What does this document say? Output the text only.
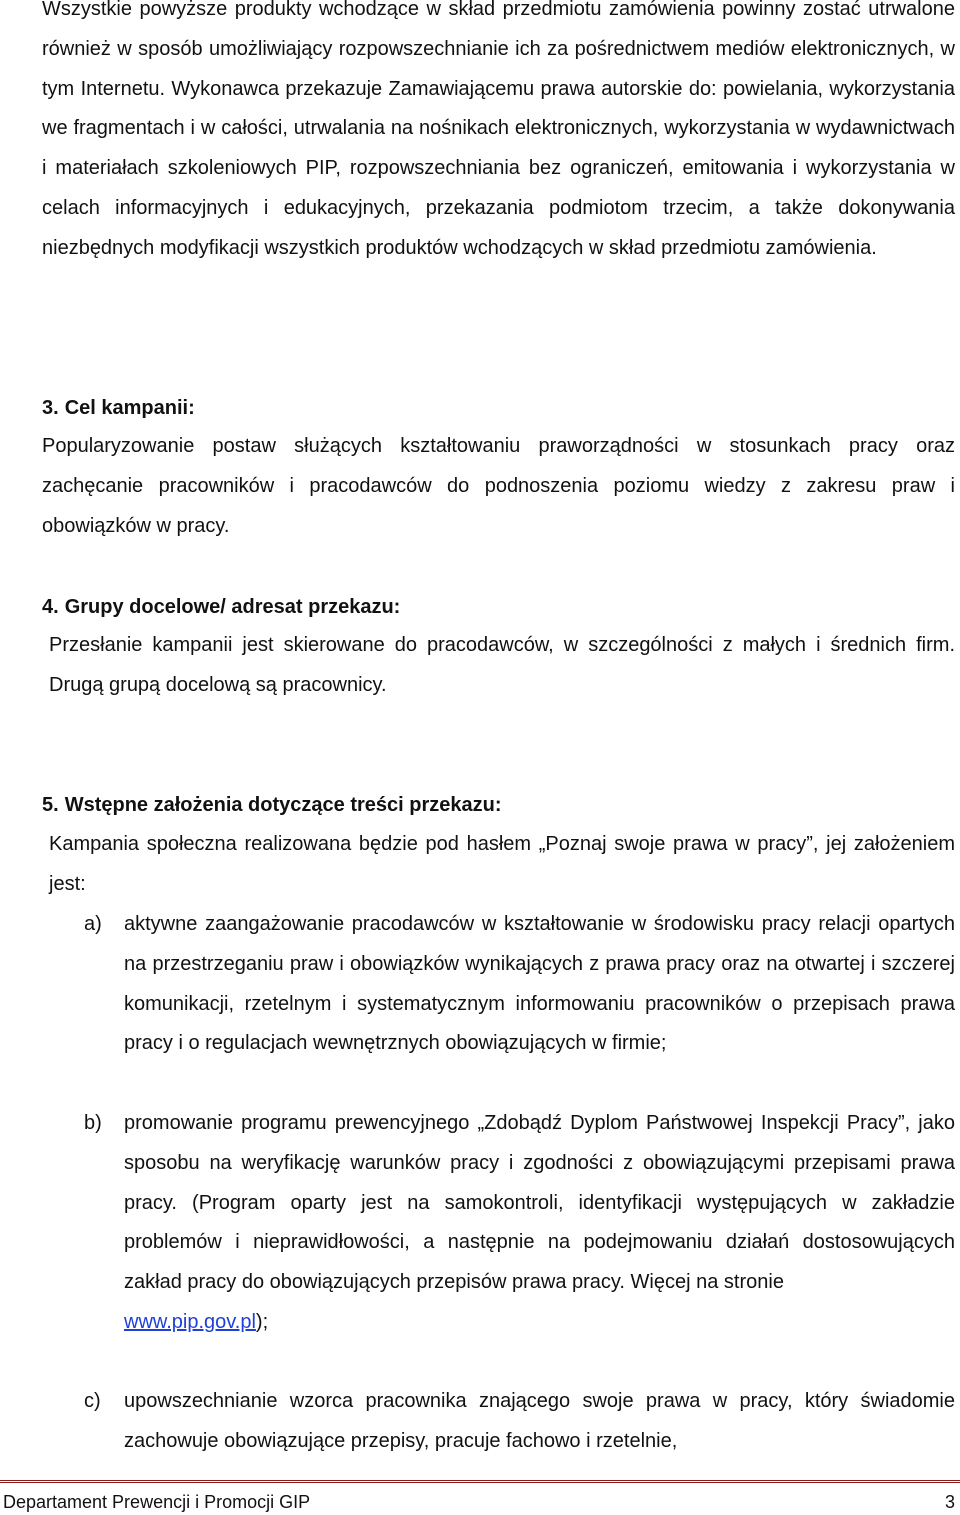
Wszystkie powyższe produkty wchodzące w skład przedmiotu zamówienia powinny zostać utrwalone również w sposób umożliwiający rozpowszechnianie ich za pośrednictwem mediów elektronicznych, w tym Internetu. Wykonawca przekazuje Zamawiającemu prawa autorskie do: powielania, wykorzystania we fragmentach i w całości, utrwalania na nośnikach elektronicznych, wykorzystania w wydawnictwach i materiałach szkoleniowych PIP, rozpowszechniania bez ograniczeń, emitowania i wykorzystania w celach informacyjnych i edukacyjnych, przekazania podmiotom trzecim, a także dokonywania niezbędnych modyfikacji wszystkich produktów wchodzących w skład przedmiotu zamówienia.

3. Cel kampanii:

Popularyzowanie postaw służących kształtowaniu praworządności w stosunkach pracy oraz zachęcanie pracowników i pracodawców do podnoszenia poziomu wiedzy z zakresu praw i obowiązków w pracy.

4. Grupy docelowe/ adresat przekazu:

Przesłanie kampanii jest skierowane do pracodawców, w szczególności z małych i średnich firm. Drugą grupą docelową są pracownicy.

5. Wstępne założenia dotyczące treści przekazu:

Kampania społeczna realizowana będzie pod hasłem „Poznaj swoje prawa w pracy”, jej założeniem jest:

a) aktywne zaangażowanie pracodawców w kształtowanie w środowisku pracy relacji opartych na przestrzeganiu praw i obowiązków wynikających z prawa pracy oraz na otwartej i szczerej komunikacji, rzetelnym i systematycznym informowaniu pracowników o przepisach prawa pracy i o regulacjach wewnętrznych obowiązujących w firmie;
b) promowanie programu prewencyjnego „Zdobądź Dyplom Państwowej Inspekcji Pracy”, jako sposobu na weryfikację warunków pracy i zgodności z obowiązującymi przepisami prawa pracy. (Program oparty jest na samokontroli, identyfikacji występujących w zakładzie problemów i nieprawidłowości, a następnie na podejmowaniu działań dostosowujących zakład pracy do obowiązujących przepisów prawa pracy. Więcej na stronie
www.pip.gov.pl);
c) upowszechnianie wzorca pracownika znającego swoje prawa w pracy, który świadomie zachowuje obowiązujące przepisy, pracuje fachowo i rzetelnie,
Departament Prewencji i Promocji GIP	3
